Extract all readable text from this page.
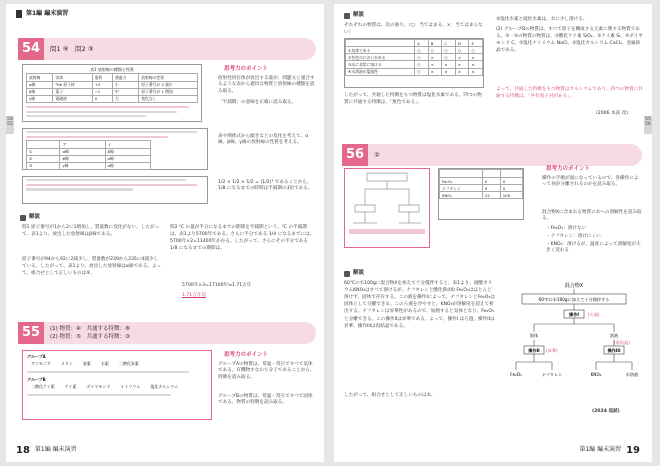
第1編 編末演習
54 55
54	問1 ⑨　問2 ③
表1 放射線の種類と性質
放射線	実体	電荷	透過力	放射線の性質
α線	⁴He 原子核	+2	小	原子番号が 2 減少
β線	電子	−1	中	原子番号が 1 増加
γ線	電磁波	0	大	変化なし
思考力のポイント
放射性同位体が放出する量が、問題文と適合するような表から適切な物質と放射線の種類を読み取る。
「半減期」の意味を正確に読み取る。
	ア	イ
①	α線	β線
②	β線	α線
③	γ線	α線
表や関係式から傾きなどの変化を考えて、α線、β線、γ線の放射線の性質を考える。
1/2 × 1/2 × 1/2 = (1/2)³ であることから、1/8 になるまでの時間は半減期の3倍である。
解説
問1 原子番号が1から2に1増加し、質量数に変化がない。したがって、表1より、放出した放射線はβ線である。
原子番号が94から92に2減少し、質量数が239から235に4減少している。したがって、表1より、放出した放射線はα線である。よって、組合せとして正しいものは⑨。
問2 ²C の量が半分になるまでの期間を半減期という。²C の半減期は、表1より5700年である。さらに半分である 1/4 になるまでには、5700年×2=11400年かかる。したがって、さらにその半分である 1/8 になるまでの期間は、
5700年×3=17100年≒1.71万年
1.71万年前
55	(1) 物質：④　共通する特徴：⑧
(2) 物質：⑤　共通する特徴：③
グループA
アンモニア	メタン	窒素	水素	二酸化炭素
グループB
二酸化ケイ素	ケイ素	ダイヤモンド	ナトリウム	塩化カルシウム
思考力のポイント
グループAの物質は、常温・常圧ですべて気体である。有機物すなわち分子であることから、特徴を読み取る。
グループBの物質は、常温・常圧ですべて固体である。物質の特徴を読み取る。
18 第1編 編末演習
55 56
解説
それぞれの物質は、次の通り。（○：当てはまる、×：当てはまらない）
	A	B	C	D	E
①気体である	○	○	○	○	○
②有色のにおいがある	○	×	○	×	×
③水に非常に溶ける	○	×	×	×	×
④水溶液が塩基性	○	×	×	×	×
したがって、共通した特徴をもつ物質は塩化水素である。四つの物質に共通する特徴は、「無色である」。
③塩化水素と硫化水素は、水に少し溶ける。
(2) グループBの物質は、すべて原子を構成する元素に関する物質である。③一③の物質の物質は、③酸化ケイ素 SiO₂、③ケイ素 Si、③ダイヤモンド C、③塩化ナトリウム NaCl、③塩化カルシウム CaCl₂、金属結晶である。
よって、共通した特徴をもつ物質はカルシウムであり、四つの物質に共通する特徴は、「共有電子対がある」。
(2006 本試 改)
56	②

Fe₂O₃	0	0
ナフタレン	0	0
KNO₃	22	109
思考力のポイント
操作の手順が図になっているので、各操作によって何が分離されるのかを読み取る。
混合物Xに含まれる物質の水への溶解性を読み取る。
・Fe₂O₃：溶けない
・ナフタレン：溶けにくい
・KNO₃：溶けるが、温度によって溶解度が大きく変わる
解説
60℃の水100gに混合物Xを加えて十分撹拌すると、表1より、硝酸カリウムKNO₃はすべて溶けるが、ナフタレンと酸化鉄(III) Fe₂O₃はほとんど溶けず、固体で存在する。この液を操作Iによって、ナフタレンとFe₂O₃は固体として分離できる。このろ液を冷やすと、KNO₃が溶解度を超えて析出する。ナフタレンは昇華性があるので、加熱すると気体となり、Fe₂O₃と分離できる。この操作IIは昇華である。よって、操作I はろ過、操作IIは昇華、操作IIIは再結晶である。
したがって、組合せとして正しいものは②。
混合物X
60℃の水100gに加えて十分撹拌する
操作I (ろ過)
固体	溶液
操作II (昇華)	操作III
(再結晶)
Fe₂O₃	ナフタレン	KNO₃	水溶液
(2024 追試)
第1編 編末演習 19
